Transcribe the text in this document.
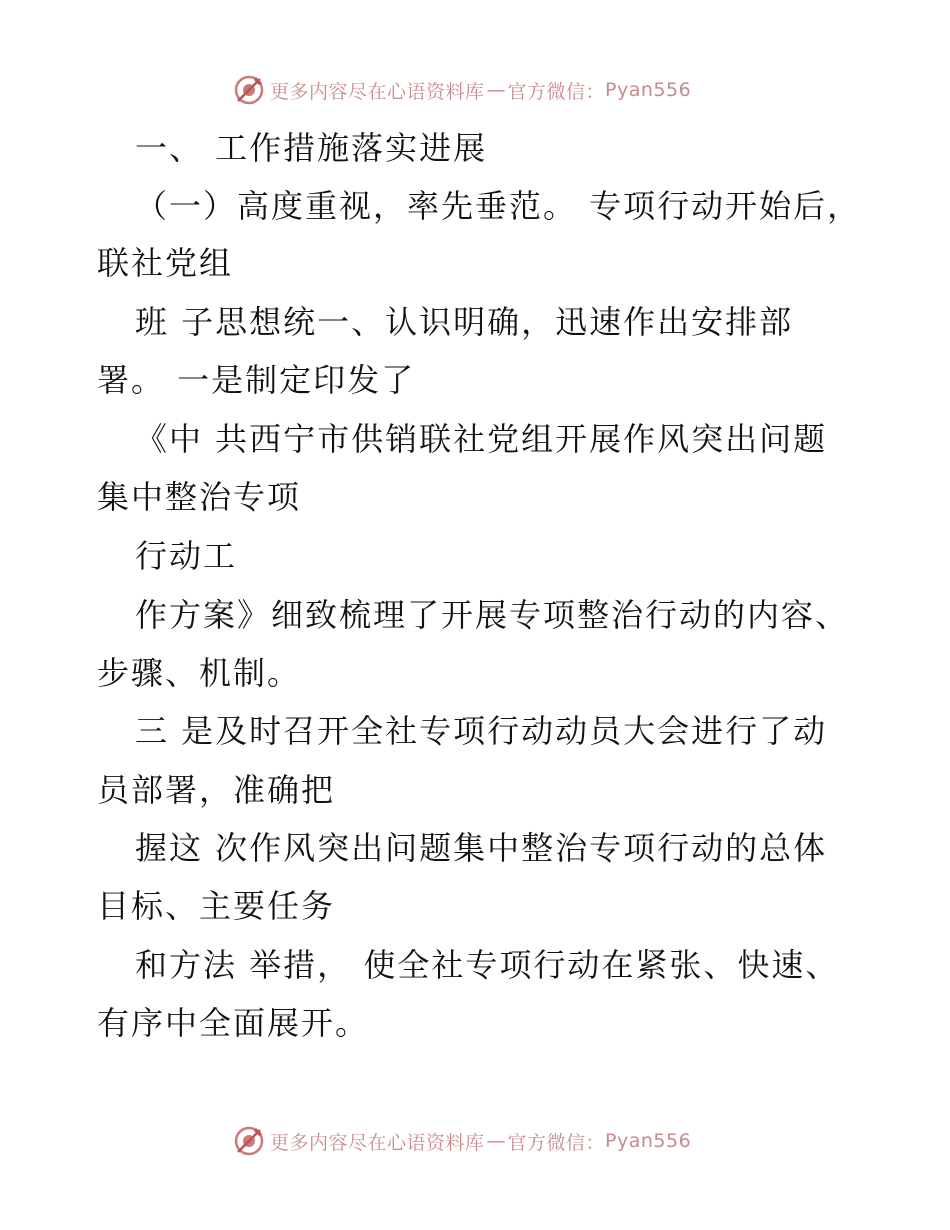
更多内容尽在心语资料库 — 官方微信： Pyan556
一、 工作措施落实进展
（一）高度重视，率先垂范。 专项行动开始后，
联社党组
班 子思想统一、认识明确，迅速作出安排部
署。 一是制定印发了
《中 共西宁市供销联社党组开展作风突出问题
集中整治专项
行动工
作方案》细致梳理了开展专项整治行动的内容、
步骤、机制。
三 是及时召开全社专项行动动员大会进行了动
员部署，准确把
握这 次作风突出问题集中整治专项行动的总体
目标、主要任务
和方法 举措， 使全社专项行动在紧张、快速、
有序中全面展开。
更多内容尽在心语资料库 — 官方微信： Pyan556
